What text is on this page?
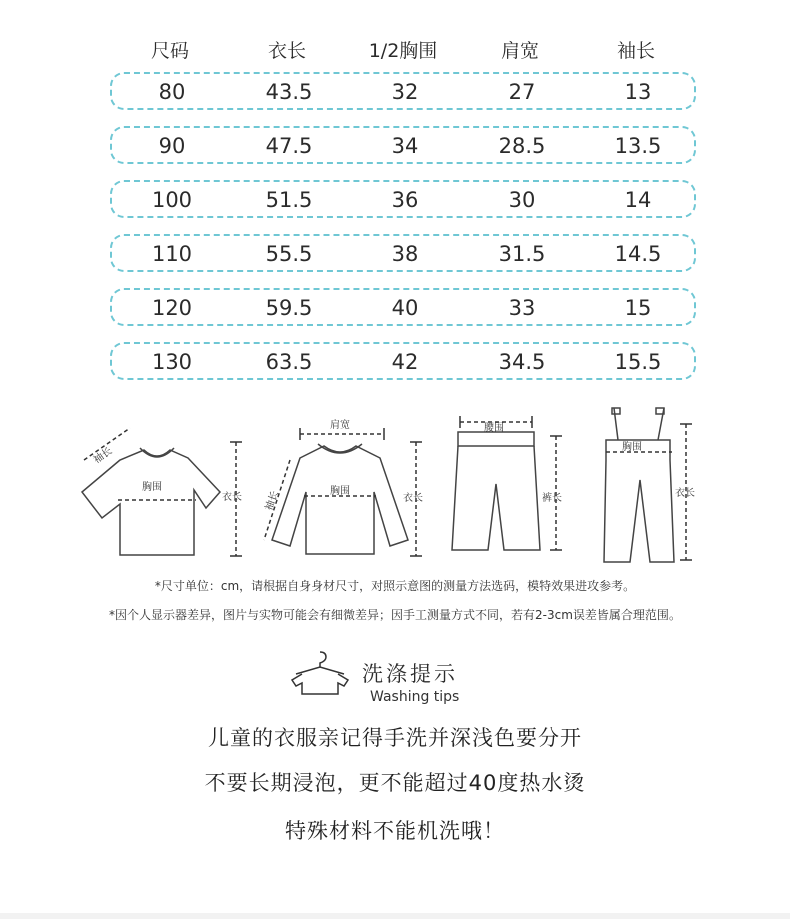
尺码	衣长	1/2胸围	肩宽	袖长
80	43.5	32	27	13
90	47.5	34	28.5	13.5
100	51.5	36	30	14
110	55.5	38	31.5	14.5
120	59.5	40	33	15
130	63.5	42	34.5	15.5
胸围
袖长
衣长
肩宽
胸围
袖长	衣长
腰围
裤长
胸围
衣长
*尺寸单位：cm，请根据自身身材尺寸，对照示意图的测量方法选码，模特效果进攻参考。
*因个人显示器差异，图片与实物可能会有细微差异；因手工测量方式不同，若有2-3cm误差皆属合理范围。
洗涤提示
Washing tips
儿童的衣服亲记得手洗并深浅色要分开
不要长期浸泡，更不能超过40度热水烫
特殊材料不能机洗哦！
